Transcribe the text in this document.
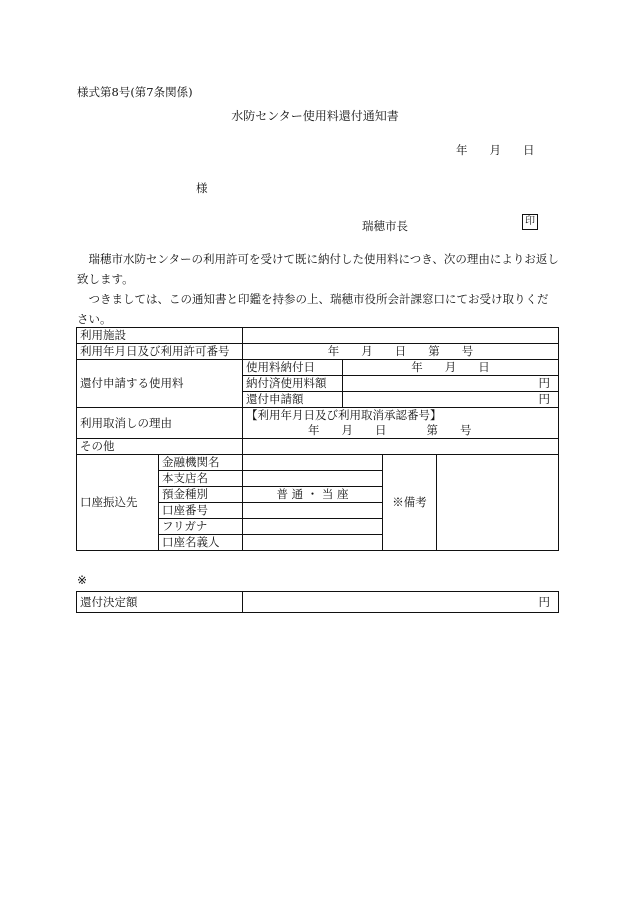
様式第8号(第7条関係)
水防センター使用料還付通知書
年 月 日
様
瑞穂市長	印
　瑞穂市水防センターの利用許可を受けて既に納付した使用料につき、次の理由によりお返し致します。
　つきましては、この通知書と印鑑を持参の上、瑞穂市役所会計課窓口にてお受け取りください。
利用施設					
利用年月日及び利用許可番号		年 月 日 第 号			
還付申請する使用料		使用料納付日	年 月 日		
		納付済使用料額	円		
		還付申請額	円		
利用取消しの理由		【利用年月日及び利用取消承認番号】
年 月 日 第 号			

その他					
口座振込先	金融機関名			※備考	
	本支店名				
	預金種別	普 通 ・ 当 座			
	口座番号				
	フリガナ				
	口座名義人				
※
還付決定額	円
